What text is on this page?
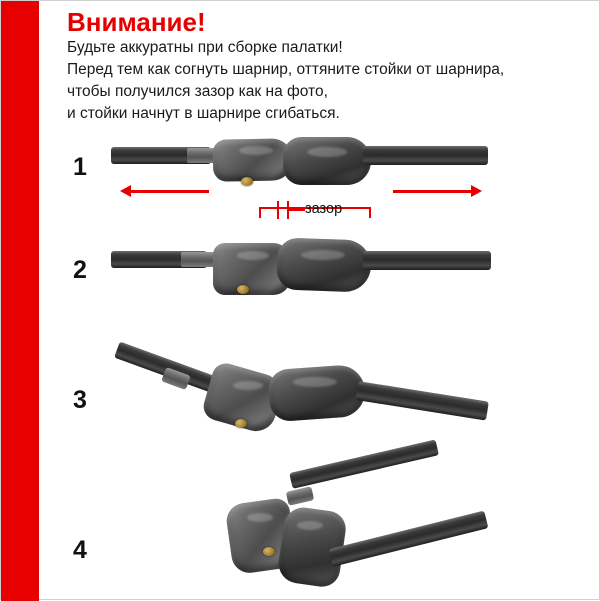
Внимание!

Будьте аккуратны при сборке палатки!

Перед тем как согнуть шарнир, оттяните стойки от шарнира,

чтобы получился зазор как на фото,

и стойки начнут в шарнире сгибаться.

1
зазор
2
3
4
